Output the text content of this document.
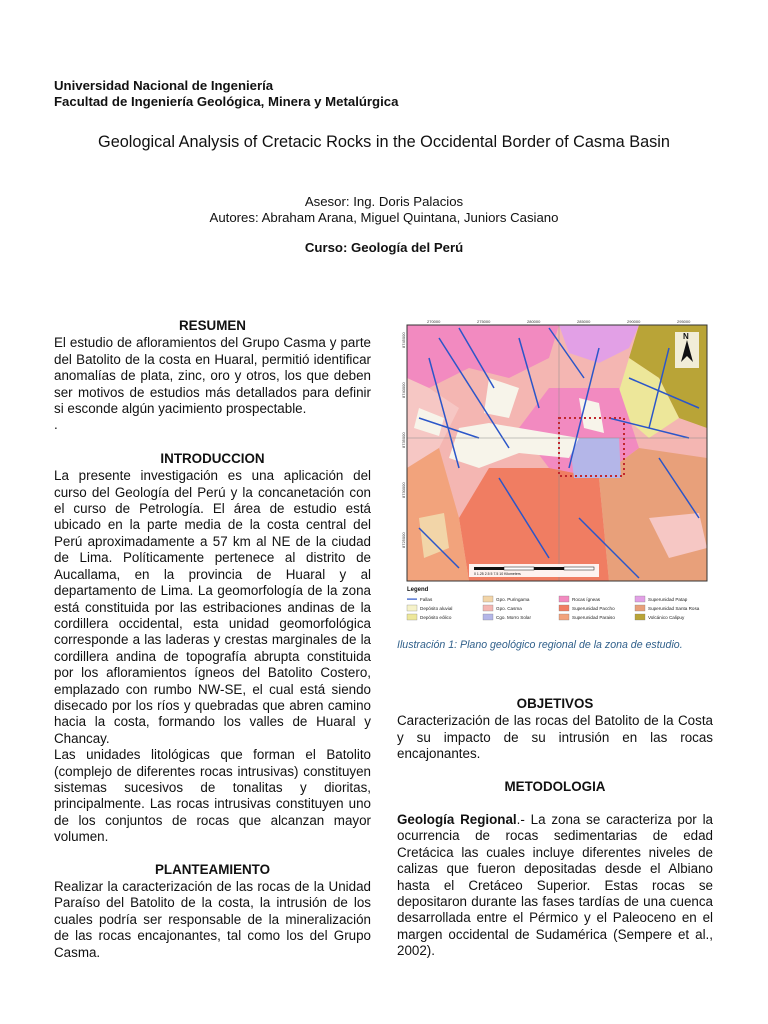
Universidad Nacional de Ingeniería
Facultad de Ingeniería Geológica, Minera y Metalúrgica
Geological Analysis of Cretacic Rocks in the Occidental Border of Casma Basin
Asesor: Ing. Doris Palacios
Autores: Abraham Arana, Miguel Quintana, Juniors Casiano
Curso: Geología del Perú
RESUMEN

El estudio de afloramientos del Grupo Casma y parte del Batolito de la costa en Huaral, permitió identificar anomalías de plata, zinc, oro y otros, los que deben ser motivos de estudios más detallados para definir si esconde algún yacimiento prospectable.

.
INTRODUCCION

La presente investigación es una aplicación del curso del Geología del Perú y la concanetación con el curso de Petrología. El área de estudio está ubicado en la parte media de la costa central del Perú aproximadamente a 57 km al NE de la ciudad de Lima. Políticamente pertenece al distrito de Aucallama, en la provincia de Huaral y al departamento de Lima. La geomorfología de la zona está constituida por las estribaciones andinas de la cordillera occidental, esta unidad geomorfológica corresponde a las laderas y crestas marginales de la cordillera andina de topografía abrupta constituida por los afloramientos ígneos del Batolito Costero, emplazado con rumbo NW-SE, el cual está siendo disecado por los ríos y quebradas que abren camino hacia la costa, formando los valles de Huaral y Chancay.

Las unidades litológicas que forman el Batolito (complejo de diferentes rocas intrusivas) constituyen sistemas sucesivos de tonalitas y dioritas, principalmente. Las rocas intrusivas constituyen uno de los conjuntos de rocas que alcanzan mayor volumen.

PLANTEAMIENTO

Realizar la caracterización de las rocas de la Unidad Paraíso del Batolito de la costa, la intrusión de los cuales podría ser responsable de la mineralización de las rocas encajonantes, tal como los del Grupo Casma.

270000	275000	280000	285000	290000	295000
8745000
8740000
8735000
8730000
8725000
N
0 1.25 2.5 5 7.5 10 Kilometers
Legend
Fallas	Gpo. Puringama	Rocas ígneas	Superunidad Patap
Depósito aluvial	Gpo. Casma	Superunidad Paccho	Superunidad Santa Rosa
Depósito eólico	Cgo. Morro Solar	Superunidad Paraiso	Volcánico Calipuy
Ilustración 1: Plano geológico regional de la zona de estudio.
OBJETIVOS

Caracterización de las rocas del Batolito de la Costa y su impacto de su intrusión en las rocas encajonantes.

METODOLOGIA

Geología Regional.- La zona se caracteriza por la ocurrencia de rocas sedimentarias de edad Cretácica las cuales incluye diferentes niveles de calizas que fueron depositadas desde el Albiano hasta el Cretáceo Superior. Estas rocas se depositaron durante las fases tardías de una cuenca desarrollada entre el Pérmico y el Paleoceno en el margen occidental de Sudamérica (Sempere et al., 2002).
